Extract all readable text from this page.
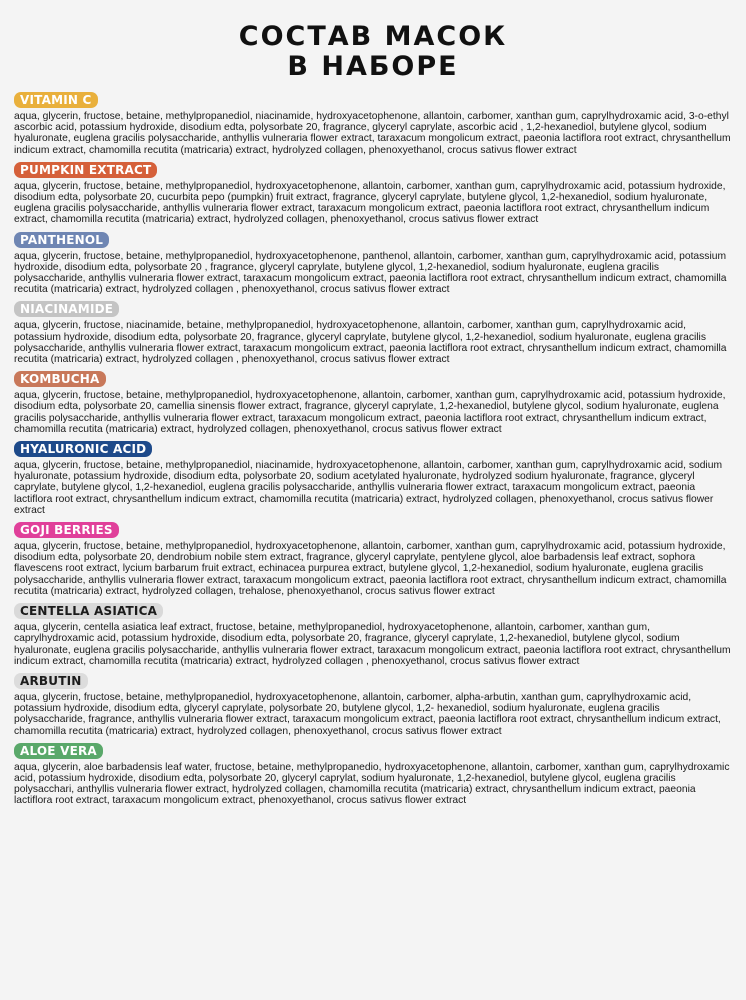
СОСТАВ МАСОК
В НАБОРЕ
VITAMIN C

aqua, glycerin, fructose, betaine, methylpropanediol, niacinamide, hydroxyacetophenone, allantoin, carbomer, xanthan gum, caprylhydroxamic acid, 3-o-ethyl ascorbic acid, potassium hydroxide, disodium edta, polysorbate 20, fragrance, glyceryl caprylate, ascorbic acid , 1,2-hexanediol, butylene glycol, sodium hyaluronate, euglena gracilis polysaccharide, anthyllis vulneraria flower extract, taraxacum mongolicum extract, paeonia lactiflora root extract, chrysanthellum indicum extract, chamomilla recutita (matricaria) extract, hydrolyzed collagen, phenoxyethanol, crocus sativus flower extract

PUMPKIN EXTRACT

aqua, glycerin, fructose, betaine, methylpropanediol, hydroxyacetophenone, allantoin, carbomer, xanthan gum, caprylhydroxamic acid, potassium hydroxide, disodium edta, polysorbate 20, cucurbita pepo (pumpkin) fruit extract, fragrance, glyceryl caprylate, butylene glycol, 1,2-hexanediol, sodium hyaluronate, euglena gracilis polysaccharide, anthyllis vulneraria flower extract, taraxacum mongolicum extract, paeonia lactiflora root extract, chrysanthellum indicum extract, chamomilla recutita (matricaria) extract, hydrolyzed collagen, phenoxyethanol, crocus sativus flower extract

PANTHENOL

aqua, glycerin, fructose, betaine, methylpropanediol, hydroxyacetophenone, panthenol, allantoin, carbomer, xanthan gum, caprylhydroxamic acid, potassium hydroxide, disodium edta, polysorbate 20 , fragrance, glyceryl caprylate, butylene glycol, 1,2-hexanediol, sodium hyaluronate, euglena gracilis polysaccharide, anthyllis vulneraria flower extract, taraxacum mongolicum extract, paeonia lactiflora root extract, chrysanthellum indicum extract, chamomilla recutita (matricaria) extract, hydrolyzed collagen , phenoxyethanol, crocus sativus flower extract

NIACINAMIDE

aqua, glycerin, fructose, niacinamide, betaine, methylpropanediol, hydroxyacetophenone, allantoin, carbomer, xanthan gum, caprylhydroxamic acid, potassium hydroxide, disodium edta, polysorbate 20, fragrance, glyceryl caprylate, butylene glycol, 1,2-hexanediol, sodium hyaluronate, euglena gracilis polysaccharide, anthyllis vulneraria flower extract, taraxacum mongolicum extract, paeonia lactiflora root extract, chrysanthellum indicum extract, chamomilla recutita (matricaria) extract, hydrolyzed collagen , phenoxyethanol, crocus sativus flower extract

KOMBUCHA

aqua, glycerin, fructose, betaine, methylpropanediol, hydroxyacetophenone, allantoin, carbomer, xanthan gum, caprylhydroxamic acid, potassium hydroxide, disodium edta, polysorbate 20, camellia sinensis flower extract, fragrance, glyceryl caprylate, 1,2-hexanediol, butylene glycol, sodium hyaluronate, euglena gracilis polysaccharide, anthyllis vulneraria flower extract, taraxacum mongolicum extract, paeonia lactiflora root extract, chrysanthellum indicum extract, chamomilla recutita (matricaria) extract, hydrolyzed collagen, phenoxyethanol, crocus sativus flower extract

HYALURONIC ACID

aqua, glycerin, fructose, betaine, methylpropanediol, niacinamide, hydroxyacetophenone, allantoin, carbomer, xanthan gum, caprylhydroxamic acid, sodium hyaluronate, potassium hydroxide, disodium edta, polysorbate 20, sodium acetylated hyaluronate, hydrolyzed sodium hyaluronate, fragrance, glyceryl caprylate, butylene glycol, 1,2-hexanediol, euglena gracilis polysaccharide, anthyllis vulneraria flower extract, taraxacum mongolicum extract, paeonia lactiflora root extract, chrysanthellum indicum extract, chamomilla recutita (matricaria) extract, hydrolyzed collagen, phenoxyethanol, crocus sativus flower extract

GOJI BERRIES

aqua, glycerin, fructose, betaine, methylpropanediol, hydroxyacetophenone, allantoin, carbomer, xanthan gum, caprylhydroxamic acid, potassium hydroxide, disodium edta, polysorbate 20, dendrobium nobile stem extract, fragrance, glyceryl caprylate, pentylene glycol, aloe barbadensis leaf extract, sophora flavescens root extract, lycium barbarum fruit extract, echinacea purpurea extract, butylene glycol, 1,2-hexanediol, sodium hyaluronate, euglena gracilis polysaccharide, anthyllis vulneraria flower extract, taraxacum mongolicum extract, paeonia lactiflora root extract, chrysanthellum indicum extract, chamomilla recutita (matricaria) extract, hydrolyzed collagen, trehalose, phenoxyethanol, crocus sativus flower extract

CENTELLA ASIATICA

aqua, glycerin, centella asiatica leaf extract, fructose, betaine, methylpropanediol, hydroxyacetophenone, allantoin, carbomer, xanthan gum, caprylhydroxamic acid, potassium hydroxide, disodium edta, polysorbate 20, fragrance, glyceryl caprylate, 1,2-hexanediol, butylene glycol, sodium hyaluronate, euglena gracilis polysaccharide, anthyllis vulneraria flower extract, taraxacum mongolicum extract, paeonia lactiflora root extract, chrysanthellum indicum extract, chamomilla recutita (matricaria) extract, hydrolyzed collagen , phenoxyethanol, crocus sativus flower extract

ARBUTIN

aqua, glycerin, fructose, betaine, methylpropanediol, hydroxyacetophenone, allantoin, carbomer, alpha-arbutin, xanthan gum, caprylhydroxamic acid, potassium hydroxide, disodium edta, glyceryl caprylate, polysorbate 20, butylene glycol, 1,2- hexanediol, sodium hyaluronate, euglena gracilis polysaccharide, fragrance, anthyllis vulneraria flower extract, taraxacum mongolicum extract, paeonia lactiflora root extract, chrysanthellum indicum extract, chamomilla recutita (matricaria) extract, hydrolyzed collagen, phenoxyethanol, crocus sativus flower extract

ALOE VERA

aqua, glycerin, aloe barbadensis leaf water, fructose, betaine, methylpropanedio, hydroxyacetophenone, allantoin, carbomer, xanthan gum, caprylhydroxamic acid, potassium hydroxide, disodium edta, polysorbate 20, glyceryl caprylat, sodium hyaluronate, 1,2-hexanediol, butylene glycol, euglena gracilis polysacchari, anthyllis vulneraria flower extract, hydrolyzed collagen, chamomilla recutita (matricaria) extract, chrysanthellum indicum extract, paeonia lactiflora root extract, taraxacum mongolicum extract, phenoxyethanol, crocus sativus flower extract
